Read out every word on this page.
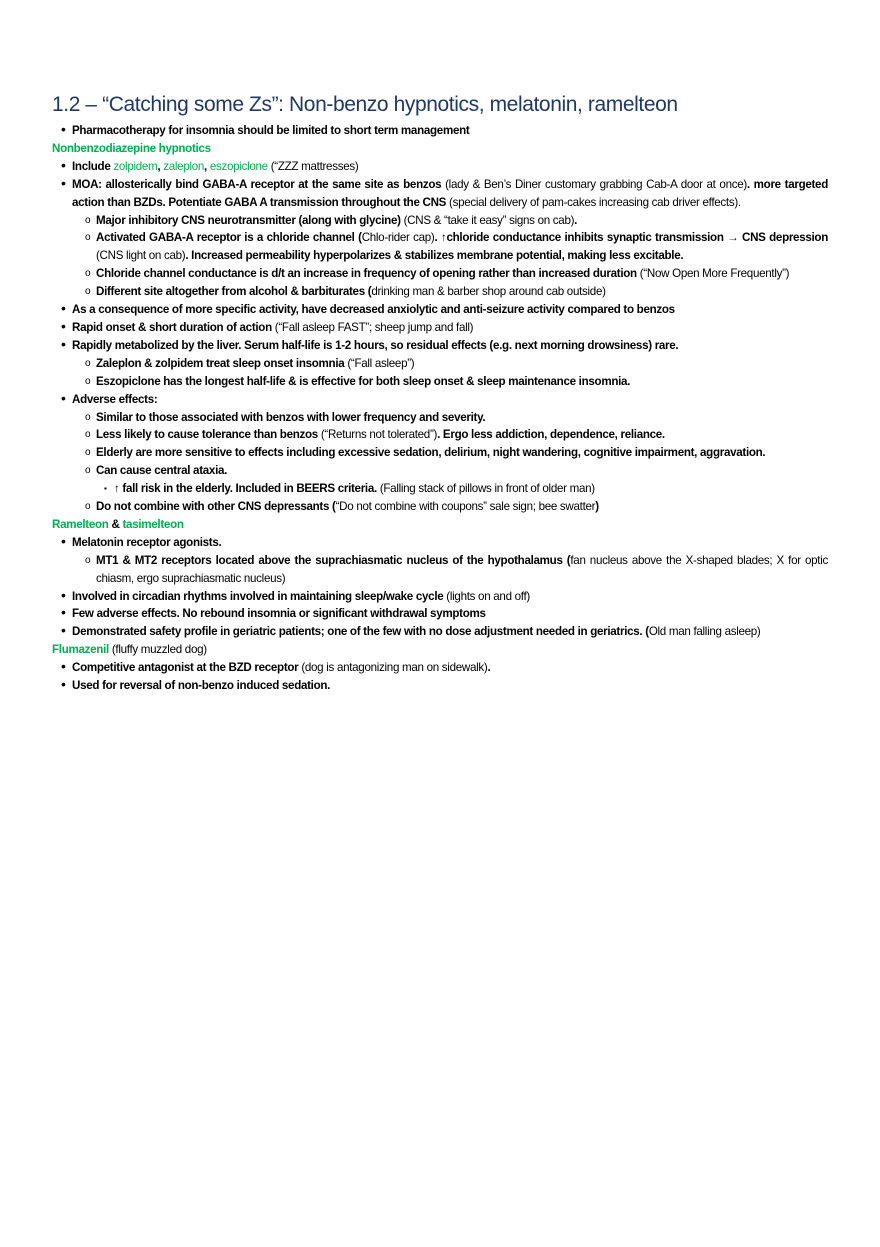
1.2 – “Catching some Zs”: Non-benzo hypnotics, melatonin, ramelteon
• Pharmacotherapy for insomnia should be limited to short term management
Nonbenzodiazepine hypnotics
• Include zolpidem, zaleplon, eszopiclone (“ZZZ mattresses)
• MOA: allosterically bind GABA-A receptor at the same site as benzos (lady & Ben’s Diner customary grabbing Cab-A door at once). more targeted action than BZDs. Potentiate GABA A transmission throughout the CNS (special delivery of pam-cakes increasing cab driver effects).
o Major inhibitory CNS neurotransmitter (along with glycine) (CNS & “take it easy” signs on cab).
o Activated GABA-A receptor is a chloride channel (Chlo-rider cap). ↑chloride conductance inhibits synaptic transmission → CNS depression (CNS light on cab). Increased permeability hyperpolarizes & stabilizes membrane potential, making less excitable.
o Chloride channel conductance is d/t an increase in frequency of opening rather than increased duration (“Now Open More Frequently”)
o Different site altogether from alcohol & barbiturates (drinking man & barber shop around cab outside)
• As a consequence of more specific activity, have decreased anxiolytic and anti-seizure activity compared to benzos
• Rapid onset & short duration of action (“Fall asleep FAST”; sheep jump and fall)
• Rapidly metabolized by the liver. Serum half-life is 1-2 hours, so residual effects (e.g. next morning drowsiness) rare.
o Zaleplon & zolpidem treat sleep onset insomnia (“Fall asleep”)
o Eszopiclone has the longest half-life & is effective for both sleep onset & sleep maintenance insomnia.
• Adverse effects:
o Similar to those associated with benzos with lower frequency and severity.
o Less likely to cause tolerance than benzos (“Returns not tolerated”). Ergo less addiction, dependence, reliance.
o Elderly are more sensitive to effects including excessive sedation, delirium, night wandering, cognitive impairment, aggravation.
o Can cause central ataxia.
▪ ↑ fall risk in the elderly. Included in BEERS criteria. (Falling stack of pillows in front of older man)
o Do not combine with other CNS depressants (“Do not combine with coupons” sale sign; bee swatter)
Ramelteon & tasimelteon
• Melatonin receptor agonists.
o MT1 & MT2 receptors located above the suprachiasmatic nucleus of the hypothalamus (fan nucleus above the X-shaped blades; X for optic chiasm, ergo suprachiasmatic nucleus)
• Involved in circadian rhythms involved in maintaining sleep/wake cycle (lights on and off)
• Few adverse effects. No rebound insomnia or significant withdrawal symptoms
• Demonstrated safety profile in geriatric patients; one of the few with no dose adjustment needed in geriatrics. (Old man falling asleep)
Flumazenil (fluffy muzzled dog)
• Competitive antagonist at the BZD receptor (dog is antagonizing man on sidewalk).
• Used for reversal of non-benzo induced sedation.
